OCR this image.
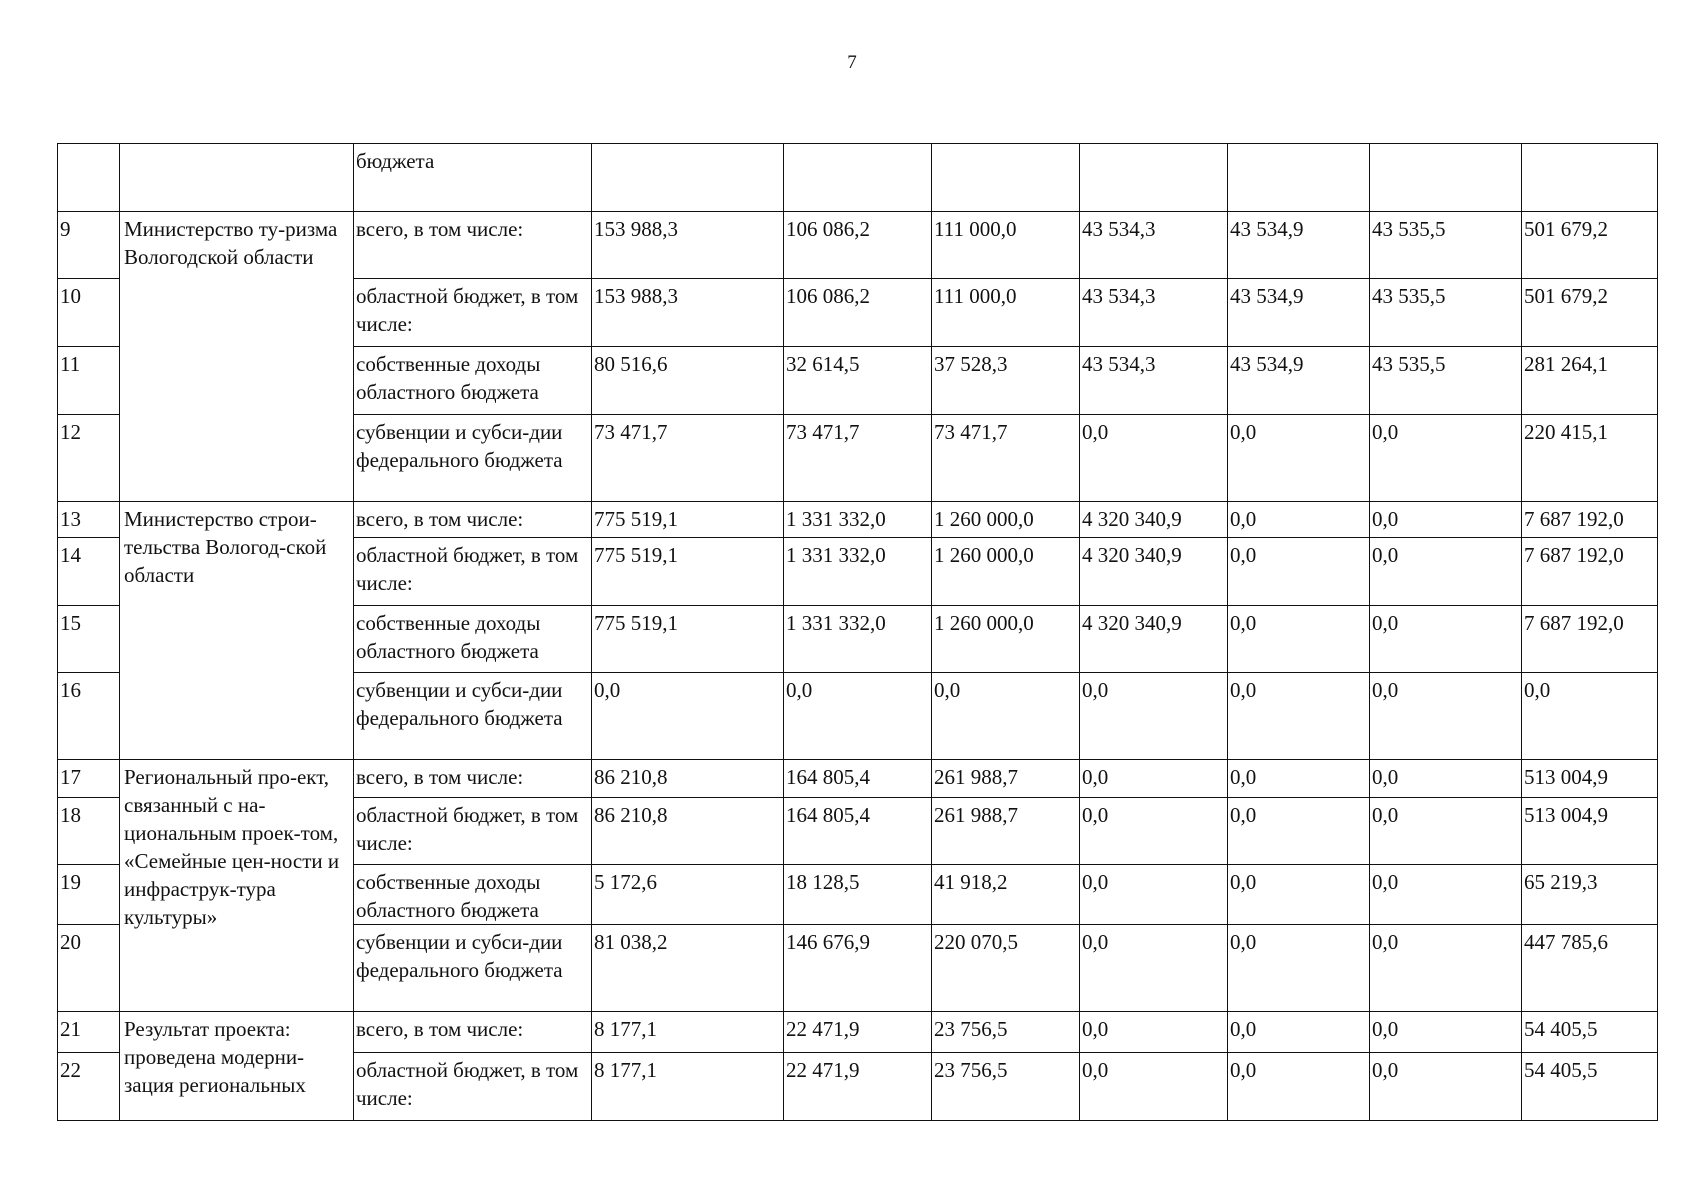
7
		бюджета							
9	Министерство ту-ризма Вологодской области	всего, в том числе:	153 988,3	106 086,2	111 000,0	43 534,3	43 534,9	43 535,5	501 679,2
10		областной бюджет, в том числе:	153 988,3	106 086,2	111 000,0	43 534,3	43 534,9	43 535,5	501 679,2
11		собственные доходы областного бюджета	80 516,6	32 614,5	37 528,3	43 534,3	43 534,9	43 535,5	281 264,1
12		субвенции и субси-дии федерального бюджета	73 471,7	73 471,7	73 471,7	0,0	0,0	0,0	220 415,1
13	Министерство строи-тельства Вологод-ской области	всего, в том числе:	775 519,1	1 331 332,0	1 260 000,0	4 320 340,9	0,0	0,0	7 687 192,0
14		областной бюджет, в том числе:	775 519,1	1 331 332,0	1 260 000,0	4 320 340,9	0,0	0,0	7 687 192,0
15		собственные доходы областного бюджета	775 519,1	1 331 332,0	1 260 000,0	4 320 340,9	0,0	0,0	7 687 192,0
16		субвенции и субси-дии федерального бюджета	0,0	0,0	0,0	0,0	0,0	0,0	0,0
17	Региональный про-ект, связанный с на-циональным проек-том, «Семейные цен-ности и инфраструк-тура культуры»	всего, в том числе:	86 210,8	164 805,4	261 988,7	0,0	0,0	0,0	513 004,9
18		областной бюджет, в том числе:	86 210,8	164 805,4	261 988,7	0,0	0,0	0,0	513 004,9
19		собственные доходы областного бюджета	5 172,6	18 128,5	41 918,2	0,0	0,0	0,0	65 219,3
20		субвенции и субси-дии федерального бюджета	81 038,2	146 676,9	220 070,5	0,0	0,0	0,0	447 785,6
21	Результат проекта: проведена модерни-зация региональных	всего, в том числе:	8 177,1	22 471,9	23 756,5	0,0	0,0	0,0	54 405,5
22		областной бюджет, в том числе:	8 177,1	22 471,9	23 756,5	0,0	0,0	0,0	54 405,5
